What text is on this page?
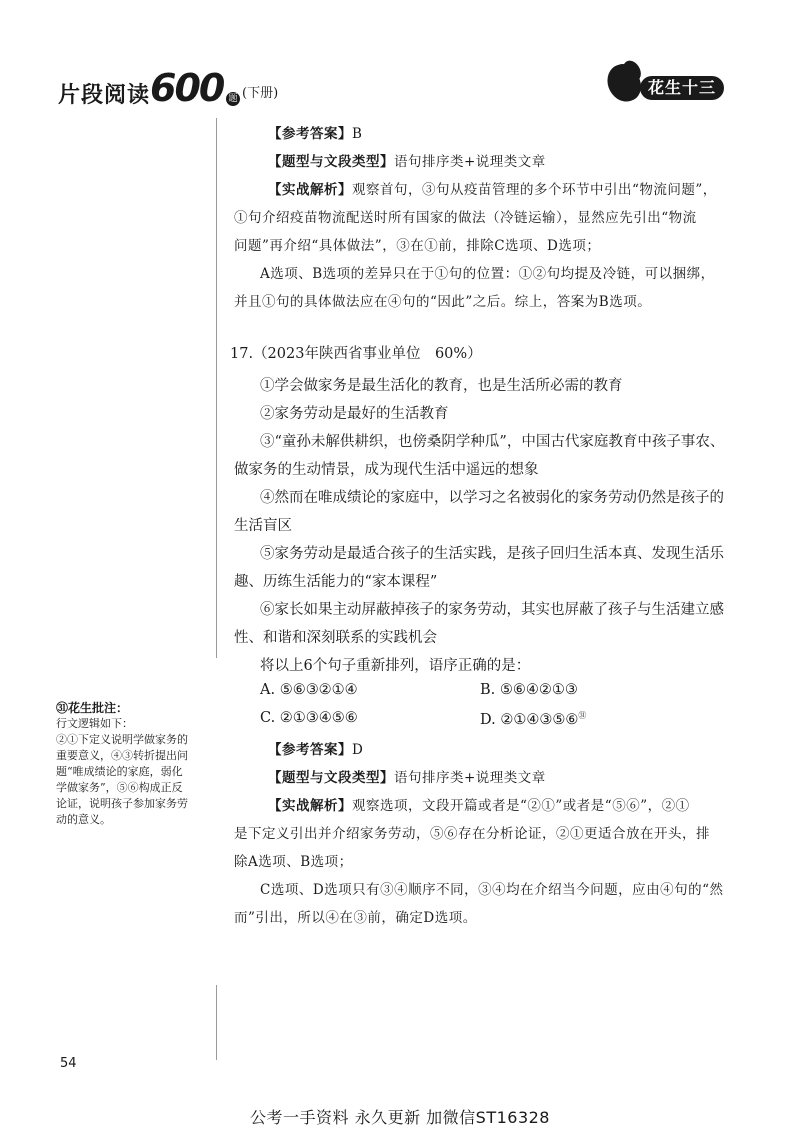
片段阅读 600 题 (下册)	花生十三
【参考答案】B
【题型与文段类型】语句排序类+说理类文章
【实战解析】观察首句，③句从疫苗管理的多个环节中引出“物流问题”，
①句介绍疫苗物流配送时所有国家的做法（冷链运输），显然应先引出“物流
问题”再介绍“具体做法”，③在①前，排除C选项、D选项；
A选项、B选项的差异只在于①句的位置：①②句均提及冷链，可以捆绑，
并且①句的具体做法应在④句的“因此”之后。综上，答案为B选项。
17.（2023年陕西省事业单位　60%）
①学会做家务是最生活化的教育，也是生活所必需的教育
②家务劳动是最好的生活教育
③“童孙未解供耕织，也傍桑阴学种瓜”，中国古代家庭教育中孩子事农、
做家务的生动情景，成为现代生活中遥远的想象
④然而在唯成绩论的家庭中，以学习之名被弱化的家务劳动仍然是孩子的
生活盲区
⑤家务劳动是最适合孩子的生活实践，是孩子回归生活本真、发现生活乐
趣、历练生活能力的“家本课程”
⑥家长如果主动屏蔽掉孩子的家务劳动，其实也屏蔽了孩子与生活建立感
性、和谐和深刻联系的实践机会
将以上6个句子重新排列，语序正确的是：
A. ⑤⑥③②①④	B. ⑤⑥④②①③
C. ②①③④⑤⑥	D. ②①④③⑤⑥$^㉛$
【参考答案】D
【题型与文段类型】语句排序类+说理类文章
【实战解析】观察选项，文段开篇或者是“②①”或者是“⑤⑥”，②①
是下定义引出并介绍家务劳动，⑤⑥存在分析论证，②①更适合放在开头，排
除A选项、B选项；
C选项、D选项只有③④顺序不同，③④均在介绍当今问题，应由④句的“然
而”引出，所以④在③前，确定D选项。
㉛花生批注：
行文逻辑如下：
②①下定义说明学做家务的
重要意义，④③转折提出问
题“唯成绩论的家庭，弱化
学做家务”，⑤⑥构成正反
论证，说明孩子参加家务劳
动的意义。
54
公考一手资料 永久更新 加微信ST16328
